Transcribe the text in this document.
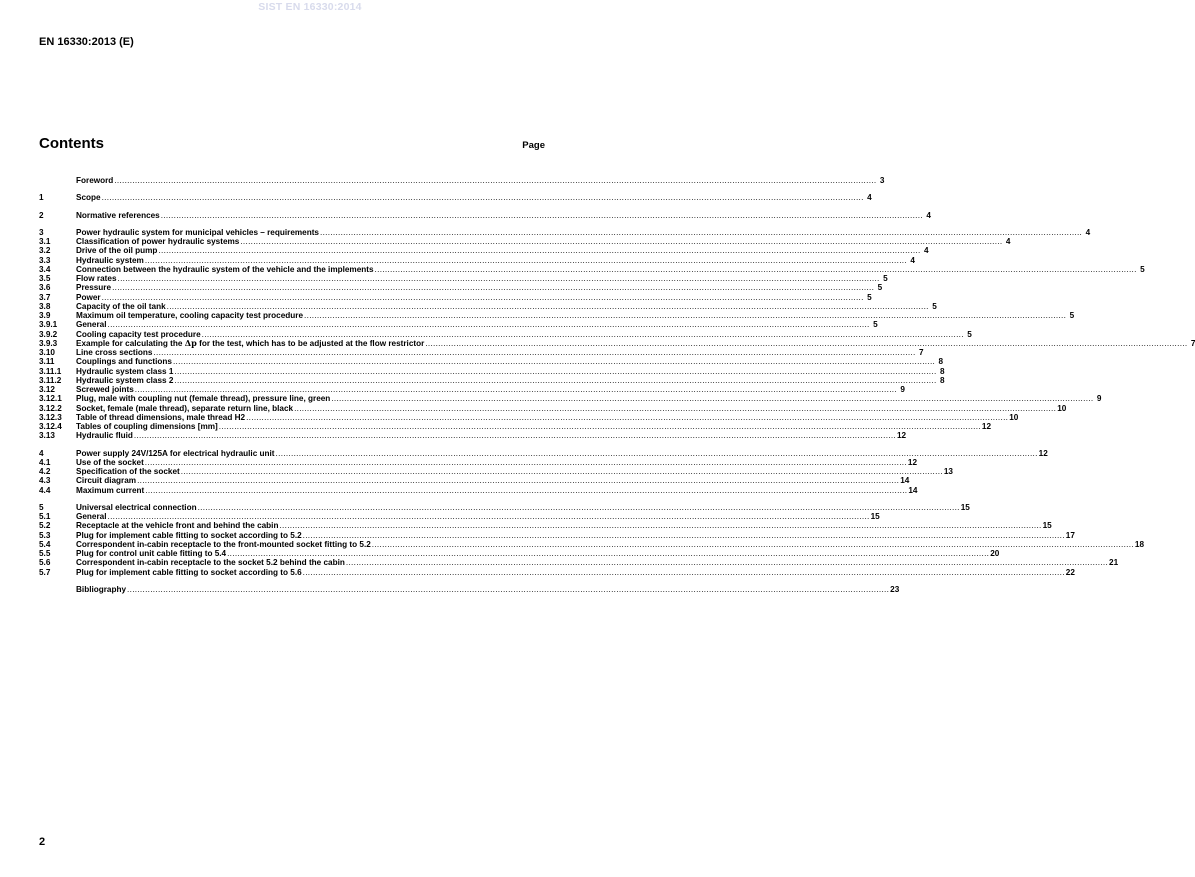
SIST EN 16330:2014
EN 16330:2013 (E)
Contents	Page
Foreword .....	3
1	Scope .....	4
2	Normative references .....	4
3	Power hydraulic system for municipal vehicles – requirements .....	4
3.1	Classification of power hydraulic systems .....	4
3.2	Drive of the oil pump .....	4
3.3	Hydraulic system .....	4
3.4	Connection between the hydraulic system of the vehicle and the implements .....	5
3.5	Flow rates .....	5
3.6	Pressure .....	5
3.7	Power .....	5
3.8	Capacity of the oil tank .....	5
3.9	Maximum oil temperature, cooling capacity test procedure .....	5
3.9.1	General .....	5
3.9.2	Cooling capacity test procedure .....	5
3.9.3	Example for calculating the Δp for the test, which has to be adjusted at the flow restrictor .....	7
3.10	Line cross sections .....	7
3.11	Couplings and functions .....	8
3.11.1	Hydraulic system class 1 .....	8
3.11.2	Hydraulic system class 2 .....	8
3.12	Screwed joints .....	9
3.12.1	Plug, male with coupling nut (female thread), pressure line, green .....	9
3.12.2	Socket, female (male thread), separate return line, black .....	10
3.12.3	Table of thread dimensions, male thread H2 .....	10
3.12.4	Tables of coupling dimensions [mm] .....	12
3.13	Hydraulic fluid .....	12
4	Power supply 24V/125A for electrical hydraulic unit .....	12
4.1	Use of the socket .....	12
4.2	Specification of the socket .....	13
4.3	Circuit diagram .....	14
4.4	Maximum current .....	14
5	Universal electrical connection .....	15
5.1	General .....	15
5.2	Receptacle at the vehicle front and behind the cabin .....	15
5.3	Plug for implement cable fitting to socket according to 5.2 .....	17
5.4	Correspondent in-cabin receptacle to the front-mounted socket fitting to 5.2 .....	18
5.5	Plug for control unit cable fitting to 5.4 .....	20
5.6	Correspondent in-cabin receptacle to the socket 5.2 behind the cabin .....	21
5.7	Plug for implement cable fitting to socket according to 5.6 .....	22
Bibliography .....	23
2
